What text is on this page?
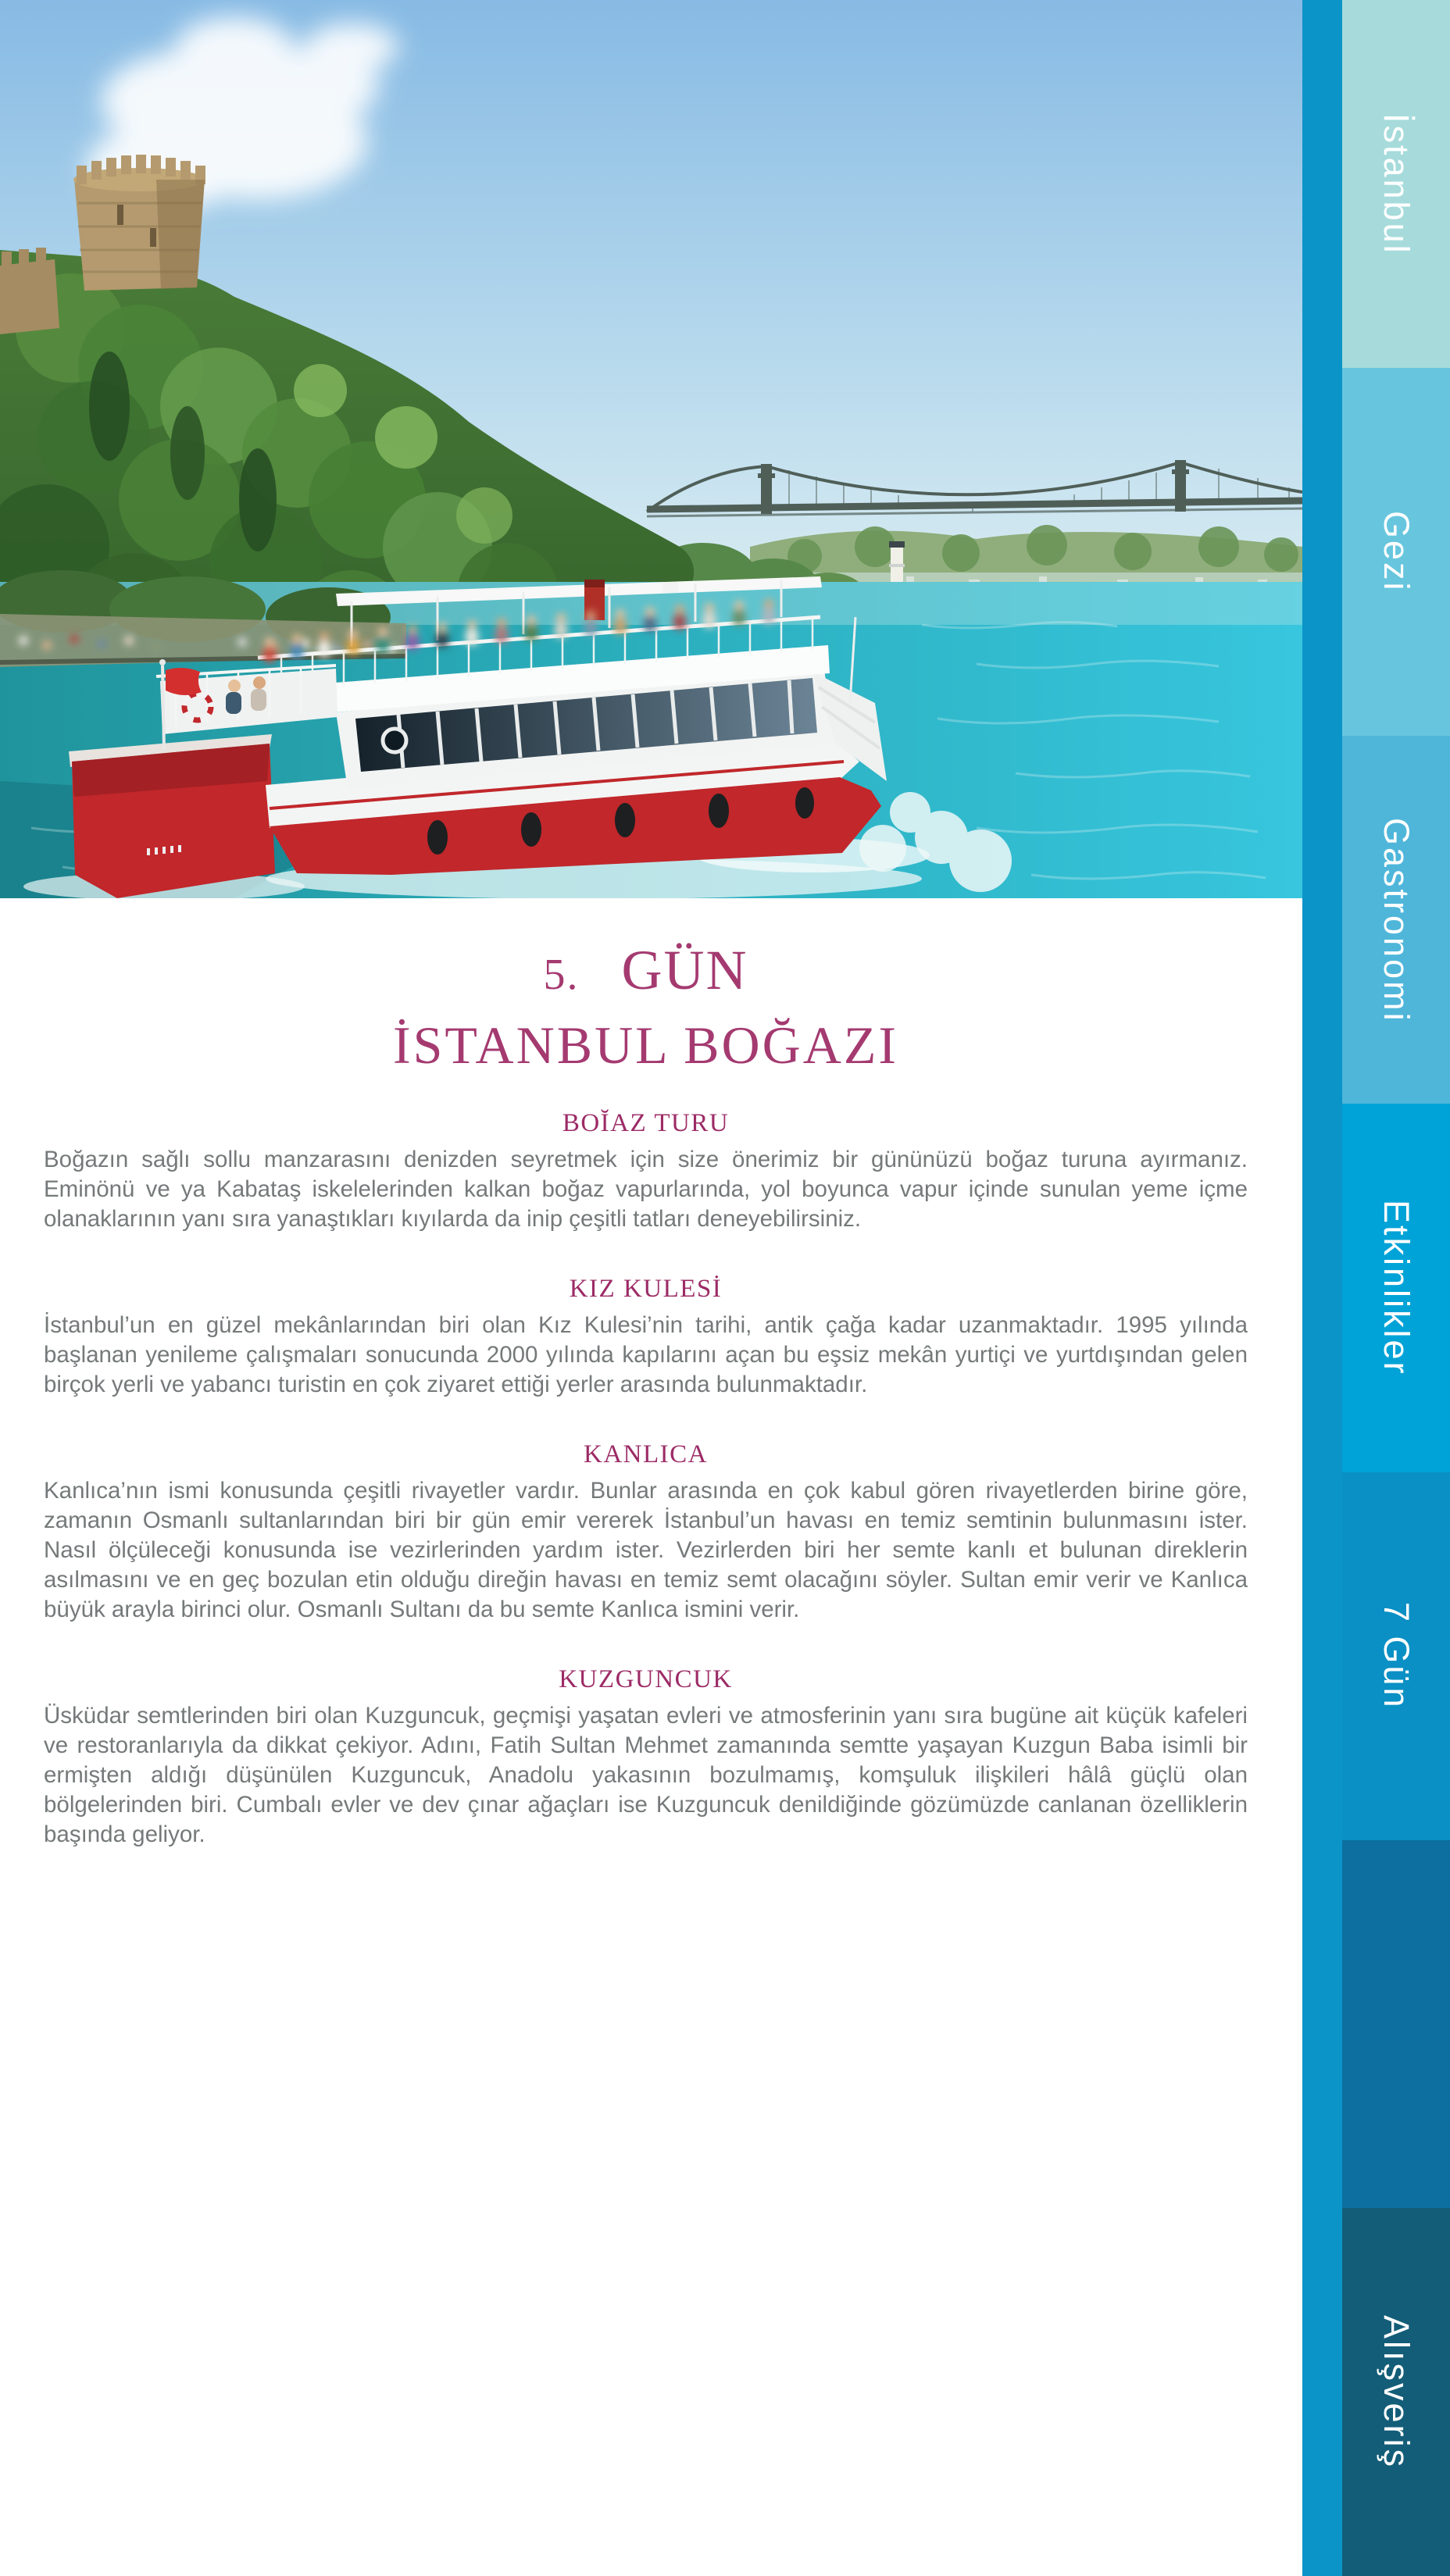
5. GÜN
İSTANBUL BOĞAZI
BOĬAZ TURU

Boğazın sağlı sollu manzarasını denizden seyretmek için size önerimiz bir gününüzü boğaz turuna ayırmanız. Eminönü ve ya Kabataş iskelelerinden kalkan boğaz vapurlarında, yol boyunca vapur içinde sunulan yeme içme olanaklarının yanı sıra yanaştıkları kıyılarda da inip çeşitli tatları deneyebilirsiniz.

KIZ KULESİ

İstanbul’un en güzel mekânlarından biri olan Kız Kulesi’nin tarihi, antik çağa kadar uzanmaktadır. 1995 yılında başlanan yenileme çalışmaları sonucunda 2000 yılında kapılarını açan bu eşsiz mekân yurtiçi ve yurtdışından gelen birçok yerli ve yabancı turistin en çok ziyaret ettiği yerler arasında bulunmaktadır.

KANLICA

Kanlıca’nın ismi konusunda çeşitli rivayetler vardır. Bunlar arasında en çok kabul gören rivayetlerden birine göre, zamanın Osmanlı sultanlarından biri bir gün emir vererek İstanbul’un havası en temiz semtinin bulunmasını ister. Nasıl ölçüleceği konusunda ise vezirlerinden yardım ister. Vezirlerden biri her semte kanlı et bulunan direklerin asılmasını ve en geç bozulan etin olduğu direğin havası en temiz semt olacağını söyler. Sultan emir verir ve Kanlıca büyük arayla birinci olur. Osmanlı Sultanı da bu semte Kanlıca ismini verir.

KUZGUNCUK

Üsküdar semtlerinden biri olan Kuzguncuk, geçmişi yaşatan evleri ve atmosferinin yanı sıra bugüne ait küçük kafeleri ve restoranlarıyla da dikkat çekiyor. Adını, Fatih Sultan Mehmet zamanında semtte yaşayan Kuzgun Baba isimli bir ermişten aldığı düşünülen Kuzguncuk, Anadolu yakasının bozulmamış, komşuluk ilişkileri hâlâ güçlü olan bölgelerinden biri. Cumbalı evler ve dev çınar ağaçları ise Kuzguncuk denildiğinde gözümüzde canlanan özelliklerin başında geliyor.

İstanbul
Gezi
Gastronomi
Etkinlikler
7 Gün
Alışveriş
